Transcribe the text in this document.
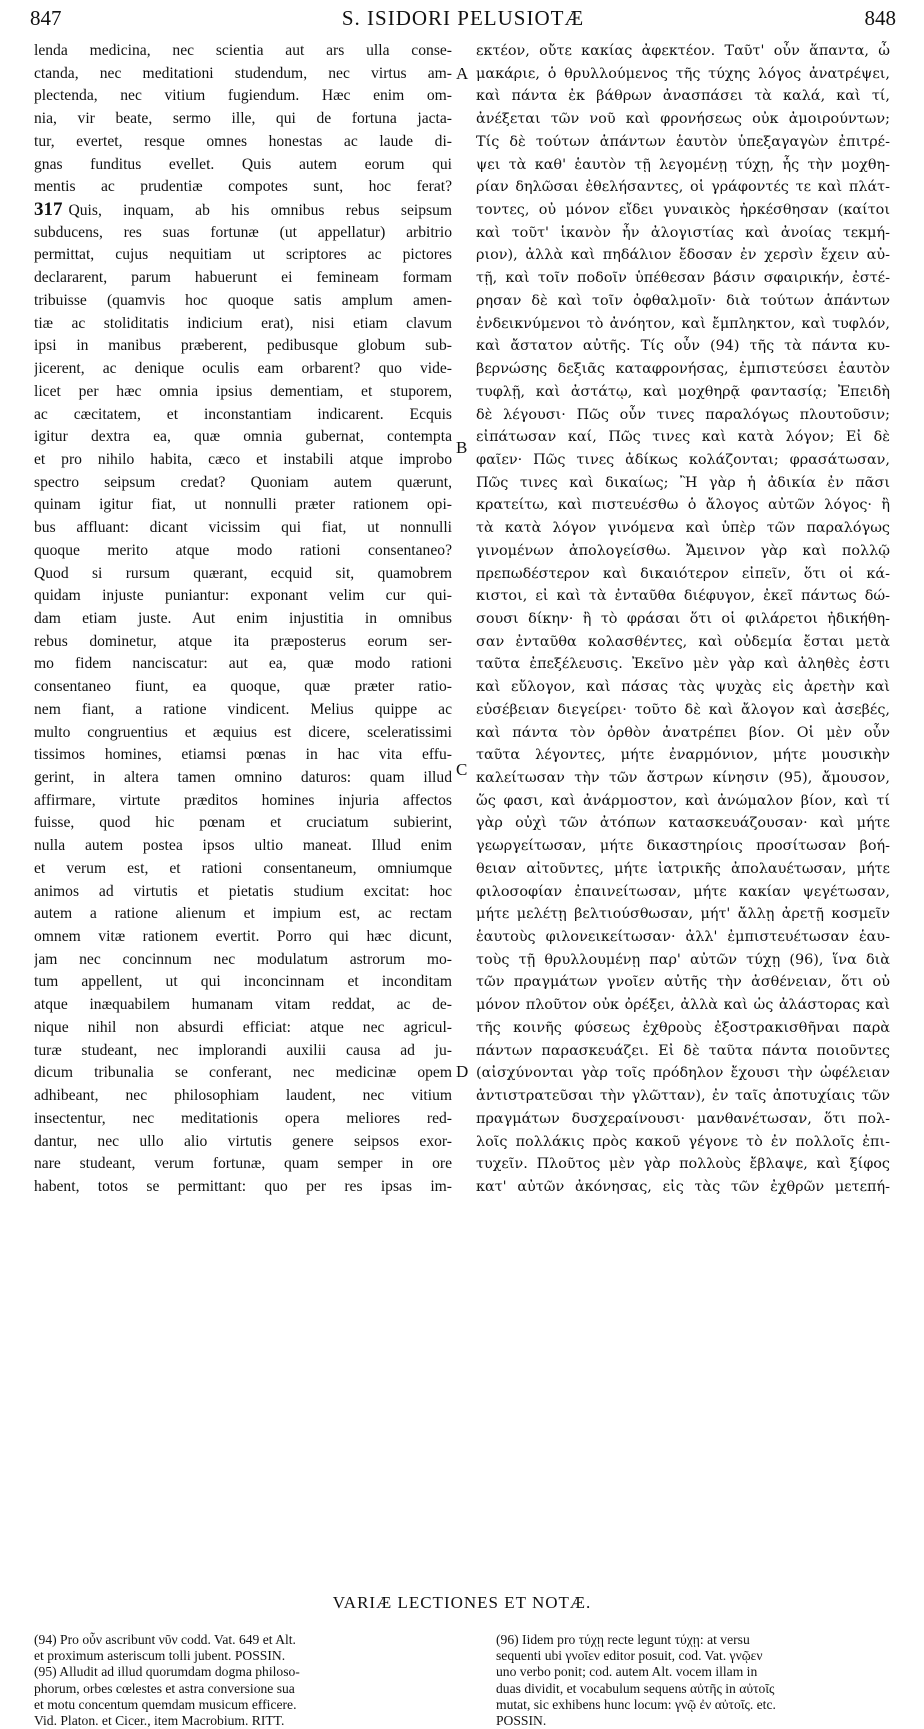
847	S. ISIDORI PELUSIOTÆ	848
lenda medicina, nec scientia aut ars ulla conse-
ctanda, nec meditationi studendum, nec virtus am-
plectenda, nec vitium fugiendum. Hæc enim om-
nia, vir beate, sermo ille, qui de fortuna jacta-
tur, evertet, resque omnes honestas ac laude di-
gnas funditus evellet. Quis autem eorum qui
mentis ac prudentiæ compotes sunt, hoc ferat?
317 Quis, inquam, ab his omnibus rebus seipsum
subducens, res suas fortunæ (ut appellatur) arbitrio
permittat, cujus nequitiam ut scriptores ac pictores
declararent, parum habuerunt ei femineam formam
tribuisse (quamvis hoc quoque satis amplum amen-
tiæ ac stoliditatis indicium erat), nisi etiam clavum
ipsi in manibus præberent, pedibusque globum sub-
jicerent, ac denique oculis eam orbarent? quo vide-
licet per hæc omnia ipsius dementiam, et stuporem,
ac cæcitatem, et inconstantiam indicarent. Ecquis
igitur dextra ea, quæ omnia gubernat, contempta
et pro nihilo habita, cæco et instabili atque improbo
spectro seipsum credat? Quoniam autem quærunt,
quinam igitur fiat, ut nonnulli præter rationem opi-
bus affluant: dicant vicissim qui fiat, ut nonnulli
quoque merito atque modo rationi consentaneo?
Quod si rursum quærant, ecquid sit, quamobrem
quidam injuste puniantur: exponant velim cur qui-
dam etiam juste. Aut enim injustitia in omnibus
rebus dominetur, atque ita præposterus eorum ser-
mo fidem nanciscatur: aut ea, quæ modo rationi
consentaneo fiunt, ea quoque, quæ præter ratio-
nem fiant, a ratione vindicent. Melius quippe ac
multo congruentius et æquius est dicere, sceleratissimi
tissimos homines, etiamsi pœnas in hac vita effu-
gerint, in altera tamen omnino daturos: quam illud
affirmare, virtute præditos homines injuria affectos
fuisse, quod hic pœnam et cruciatum subierint,
nulla autem postea ipsos ultio maneat. Illud enim
et verum est, et rationi consentaneum, omniumque
animos ad virtutis et pietatis studium excitat: hoc
autem a ratione alienum et impium est, ac rectam
omnem vitæ rationem evertit. Porro qui hæc dicunt,
jam nec concinnum nec modulatum astrorum mo-
tum appellent, ut qui inconcinnam et inconditam
atque inæquabilem humanam vitam reddat, ac de-
nique nihil non absurdi efficiat: atque nec agricul-
turæ studeant, nec implorandi auxilii causa ad ju-
dicum tribunalia se conferant, nec medicinæ opem
adhibeant, nec philosophiam laudent, nec vitium
insectentur, nec meditationis opera meliores red-
dantur, nec ullo alio virtutis genere seipsos exor-
nare studeant, verum fortunæ, quam semper in ore
habent, totos se permittant: quo per res ipsas im-
εκτέον, οὔτε κακίας ἀφεκτέον. Ταῦτ' οὖν ἅπαντα, ὦ
μακάριε, ὁ θρυλλούμενος τῆς τύχης λόγος ἀνατρέψει,
καὶ πάντα ἐκ βάθρων ἀνασπάσει τὰ καλά, καὶ τί,
ἀνέξεται τῶν νοῦ καὶ φρονήσεως οὐκ ἀμοιρούντων;
Τίς δὲ τούτων ἁπάντων ἑαυτὸν ὑπεξαγαγὼν ἐπιτρέ-
ψει τὰ καθ' ἑαυτὸν τῇ λεγομένῃ τύχῃ, ἧς τὴν μοχθη-
ρίαν δηλῶσαι ἐθελήσαντες, οἱ γράφοντές τε καὶ πλάτ-
τοντες, οὐ μόνον εἴδει γυναικὸς ἠρκέσθησαν (καίτοι
καὶ τοῦτ' ἱκανὸν ἦν ἀλογιστίας καὶ ἀνοίας τεκμή-
ριον), ἀλλὰ καὶ πηδάλιον ἔδοσαν ἐν χερσὶν ἔχειν αὐ-
τῇ, καὶ τοῖν ποδοῖν ὑπέθεσαν βάσιν σφαιρικήν, ἐστέ-
ρησαν δὲ καὶ τοῖν ὀφθαλμοῖν· διὰ τούτων ἁπάντων
ἐνδεικνύμενοι τὸ ἀνόητον, καὶ ἔμπληκτον, καὶ τυφλόν,
καὶ ἄστατον αὐτῆς. Τίς οὖν (94) τῆς τὰ πάντα κυ-
βερνώσης δεξιᾶς καταφρονήσας, ἐμπιστεύσει ἑαυτὸν
τυφλῇ, καὶ ἀστάτῳ, καὶ μοχθηρᾷ φαντασίᾳ; Ἐπειδὴ
δὲ λέγουσι· Πῶς οὖν τινες παραλόγως πλουτοῦσιν;
εἰπάτωσαν καί, Πῶς τινες καὶ κατὰ λόγον; Εἰ δὲ
φαῖεν· Πῶς τινες ἀδίκως κολάζονται; φρασάτωσαν,
Πῶς τινες καὶ δικαίως; Ἢ γὰρ ἡ ἀδικία ἐν πᾶσι
κρατείτω, καὶ πιστευέσθω ὁ ἄλογος αὐτῶν λόγος· ἢ
τὰ κατὰ λόγον γινόμενα καὶ ὑπὲρ τῶν παραλόγως
γινομένων ἀπολογείσθω. Ἄμεινον γὰρ καὶ πολλῷ
πρεπωδέστερον καὶ δικαιότερον εἰπεῖν, ὅτι οἱ κά-
κιστοι, εἰ καὶ τὰ ἐνταῦθα διέφυγον, ἐκεῖ πάντως δώ-
σουσι δίκην· ἢ τὸ φράσαι ὅτι οἱ φιλάρετοι ἠδικήθη-
σαν ἐνταῦθα κολασθέντες, καὶ οὐδεμία ἔσται μετὰ
ταῦτα ἐπεξέλευσις. Ἐκεῖνο μὲν γὰρ καὶ ἀληθὲς ἐστι
καὶ εὔλογον, καὶ πάσας τὰς ψυχὰς εἰς ἀρετὴν καὶ
εὐσέβειαν διεγείρει· τοῦτο δὲ καὶ ἄλογον καὶ ἀσεβές,
καὶ πάντα τὸν ὀρθὸν ἀνατρέπει βίον. Οἱ μὲν οὖν
ταῦτα λέγοντες, μήτε ἐναρμόνιον, μήτε μουσικὴν
καλείτωσαν τὴν τῶν ἄστρων κίνησιν (95), ἄμουσον,
ὥς φασι, καὶ ἀνάρμοστον, καὶ ἀνώμαλον βίον, καὶ τί
γὰρ οὐχὶ τῶν ἀτόπων κατασκευάζουσαν· καὶ μήτε
γεωργείτωσαν, μήτε δικαστηρίοις προσίτωσαν βοή-
θειαν αἰτοῦντες, μήτε ἰατρικῆς ἀπολαυέτωσαν, μήτε
φιλοσοφίαν ἐπαινείτωσαν, μήτε κακίαν ψεγέτωσαν,
μήτε μελέτῃ βελτιούσθωσαν, μήτ' ἄλλῃ ἀρετῇ κοσμεῖν
ἑαυτοὺς φιλονεικείτωσαν· ἀλλ' ἐμπιστευέτωσαν ἑαυ-
τοὺς τῇ θρυλλουμένῃ παρ' αὐτῶν τύχῃ (96), ἵνα διὰ
τῶν πραγμάτων γνοῖεν αὐτῆς τὴν ἀσθένειαν, ὅτι οὐ
μόνον πλοῦτον οὐκ ὀρέξει, ἀλλὰ καὶ ὡς ἀλάστορας καὶ
τῆς κοινῆς φύσεως ἐχθροὺς ἐξοστρακισθῆναι παρὰ
πάντων παρασκευάζει. Εἰ δὲ ταῦτα πάντα ποιοῦντες
(αἰσχύνονται γὰρ τοῖς πρόδηλον ἔχουσι τὴν ὠφέλειαν
ἀντιστρατεῦσαι τὴν γλῶτταν), ἐν ταῖς ἀποτυχίαις τῶν
πραγμάτων δυσχεραίνουσι· μανθανέτωσαν, ὅτι πολ-
λοῖς πολλάκις πρὸς κακοῦ γέγονε τὸ ἐν πολλοῖς ἐπι-
τυχεῖν. Πλοῦτος μὲν γὰρ πολλοὺς ἔβλαψε, καὶ ξίφος
κατ' αὐτῶν ἀκόνησας, εἰς τὰς τῶν ἐχθρῶν μετεπή-
A
B
C
D
VARIÆ LECTIONES ET NOTÆ.
(94) Pro οὖν ascribunt νῦν codd. Vat. 649 et Alt.
et proximum asteriscum tolli jubent. POSSIN.
(95) Alludit ad illud quorumdam dogma philoso-
phorum, orbes cœlestes et astra conversione sua
et motu concentum quemdam musicum efficere.
Vid. Platon. et Cicer., item Macrobium. RITT.
(96) Iidem pro τύχῃ recte legunt τύχῃ: at versu
sequenti ubi γνοῖεν editor posuit, cod. Vat. γνῷεν
uno verbo ponit; cod. autem Alt. vocem illam in
duas dividit, et vocabulum sequens αὐτῆς in αὐτοῖς
mutat, sic exhibens hunc locum: γνῷ ἐν αὐτοῖς. etc.
POSSIN.
